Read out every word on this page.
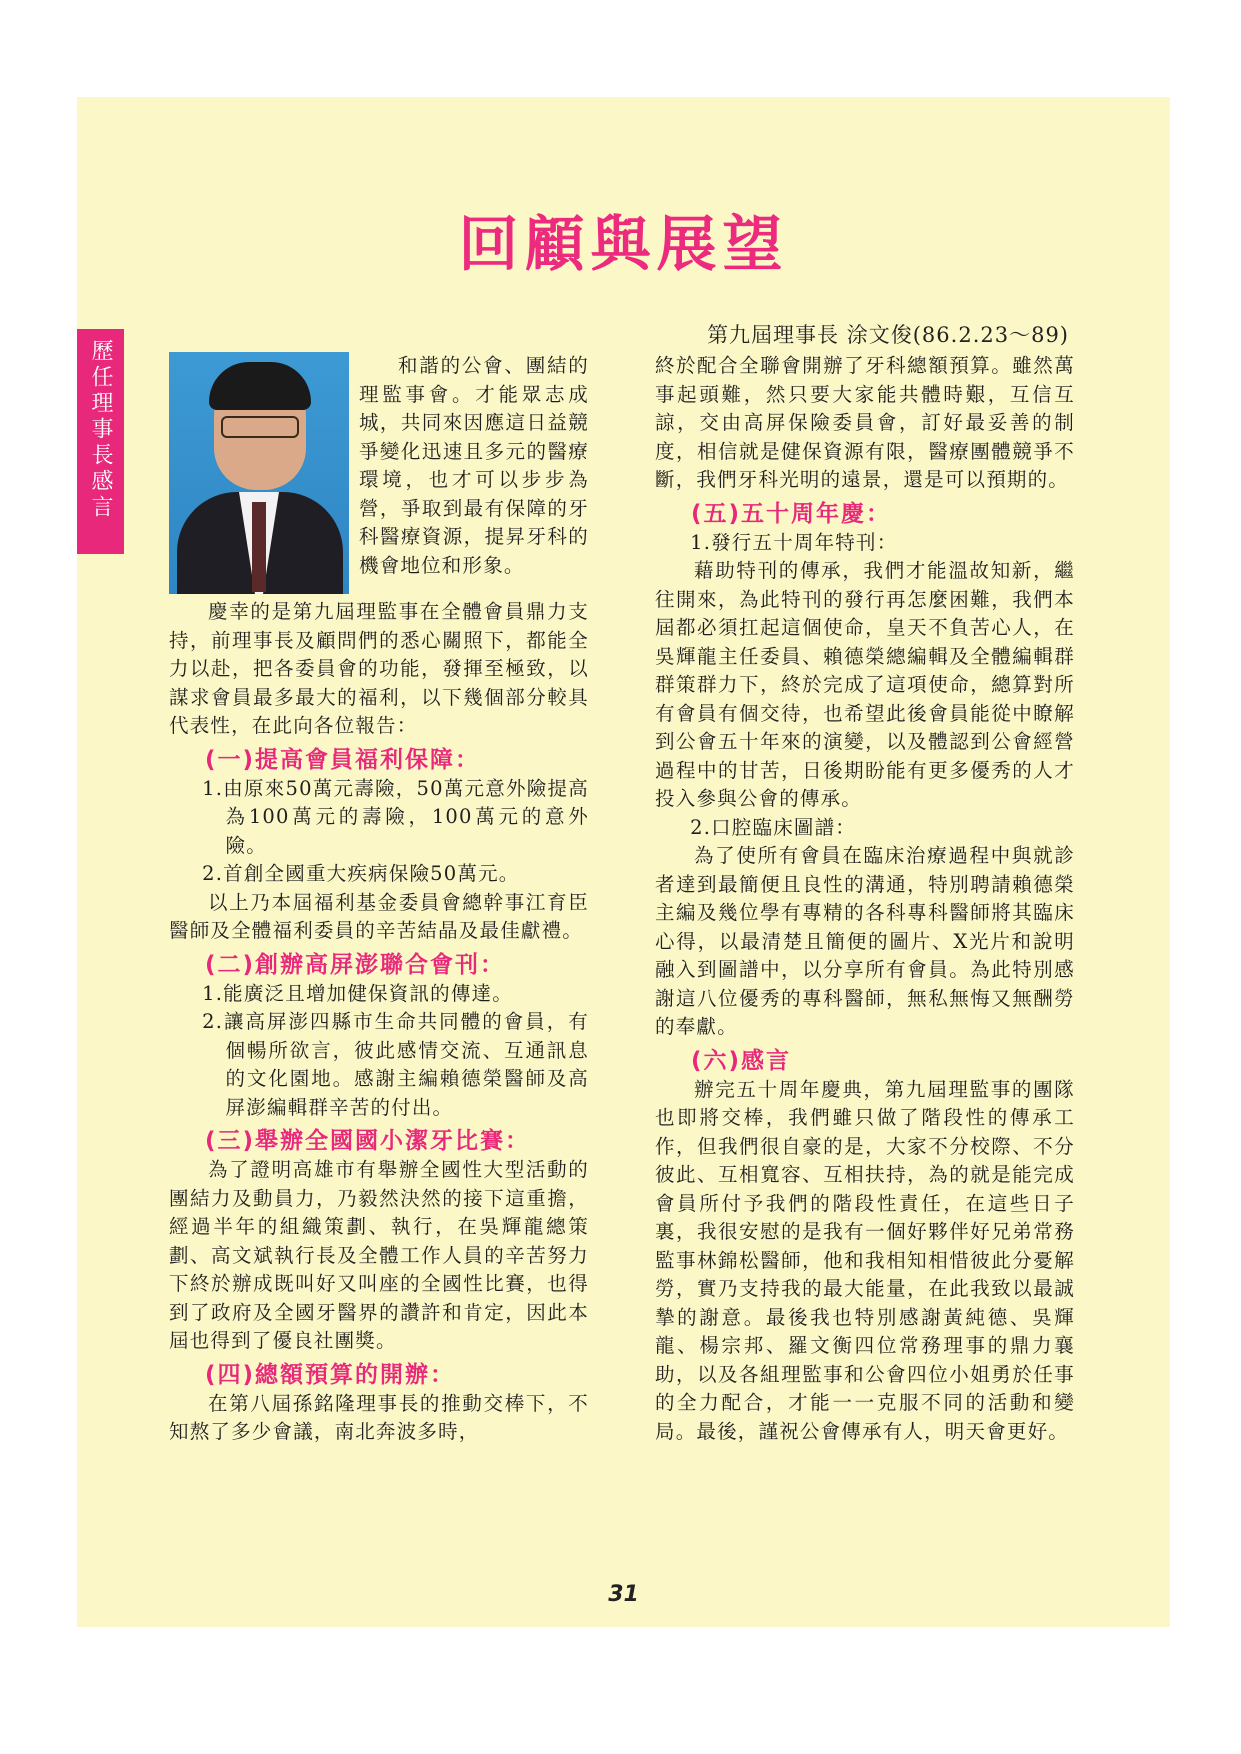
回顧與展望
歷任理事長感言
第九屆理事長 涂文俊(86.2.23～89)

和諧的公會、團結的理監事會。才能眾志成城，共同來因應這日益競爭變化迅速且多元的醫療環境，也才可以步步為營，爭取到最有保障的牙科醫療資源，提昇牙科的機會地位和形象。

慶幸的是第九屆理監事在全體會員鼎力支持，前理事長及顧問們的悉心關照下，都能全力以赴，把各委員會的功能，發揮至極致，以謀求會員最多最大的福利，以下幾個部分較具代表性，在此向各位報告：

(一)提高會員福利保障：

1.由原來50萬元壽險，50萬元意外險提高為100萬元的壽險，100萬元的意外險。

2.首創全國重大疾病保險50萬元。

以上乃本屆福利基金委員會總幹事江育臣醫師及全體福利委員的辛苦結晶及最佳獻禮。

(二)創辦高屏澎聯合會刊：

1.能廣泛且增加健保資訊的傳達。

2.讓高屏澎四縣市生命共同體的會員，有個暢所欲言，彼此感情交流、互通訊息的文化園地。感謝主編賴德榮醫師及高屏澎編輯群辛苦的付出。

(三)舉辦全國國小潔牙比賽：

為了證明高雄市有舉辦全國性大型活動的團結力及動員力，乃毅然決然的接下這重擔，經過半年的組織策劃、執行，在吳輝龍總策劃、高文斌執行長及全體工作人員的辛苦努力下終於辦成既叫好又叫座的全國性比賽，也得到了政府及全國牙醫界的讚許和肯定，因此本屆也得到了優良社團獎。

(四)總額預算的開辦：

在第八屆孫銘隆理事長的推動交棒下，不知熬了多少會議，南北奔波多時，

終於配合全聯會開辦了牙科總額預算。雖然萬事起頭難，然只要大家能共體時艱，互信互諒，交由高屏保險委員會，訂好最妥善的制度，相信就是健保資源有限，醫療團體競爭不斷，我們牙科光明的遠景，還是可以預期的。

(五)五十周年慶：

1.發行五十周年特刊：

藉助特刊的傳承，我們才能溫故知新，繼往開來，為此特刊的發行再怎麼困難，我們本屆都必須扛起這個使命，皇天不負苦心人，在吳輝龍主任委員、賴德榮總編輯及全體編輯群群策群力下，終於完成了這項使命，總算對所有會員有個交待，也希望此後會員能從中瞭解到公會五十年來的演變，以及體認到公會經營過程中的甘苦，日後期盼能有更多優秀的人才投入參與公會的傳承。

2.口腔臨床圖譜：

為了使所有會員在臨床治療過程中與就診者達到最簡便且良性的溝通，特別聘請賴德榮主編及幾位學有專精的各科專科醫師將其臨床心得，以最清楚且簡便的圖片、X光片和說明融入到圖譜中，以分享所有會員。為此特別感謝這八位優秀的專科醫師，無私無悔又無酬勞的奉獻。

(六)感言

辦完五十周年慶典，第九屆理監事的團隊也即將交棒，我們雖只做了階段性的傳承工作，但我們很自豪的是，大家不分校際、不分彼此、互相寬容、互相扶持，為的就是能完成會員所付予我們的階段性責任，在這些日子裏，我很安慰的是我有一個好夥伴好兄弟常務監事林錦松醫師，他和我相知相惜彼此分憂解勞，實乃支持我的最大能量，在此我致以最誠摯的謝意。最後我也特別感謝黃純德、吳輝龍、楊宗邦、羅文衡四位常務理事的鼎力襄助，以及各組理監事和公會四位小姐勇於任事的全力配合，才能一一克服不同的活動和變局。最後，謹祝公會傳承有人，明天會更好。

31
